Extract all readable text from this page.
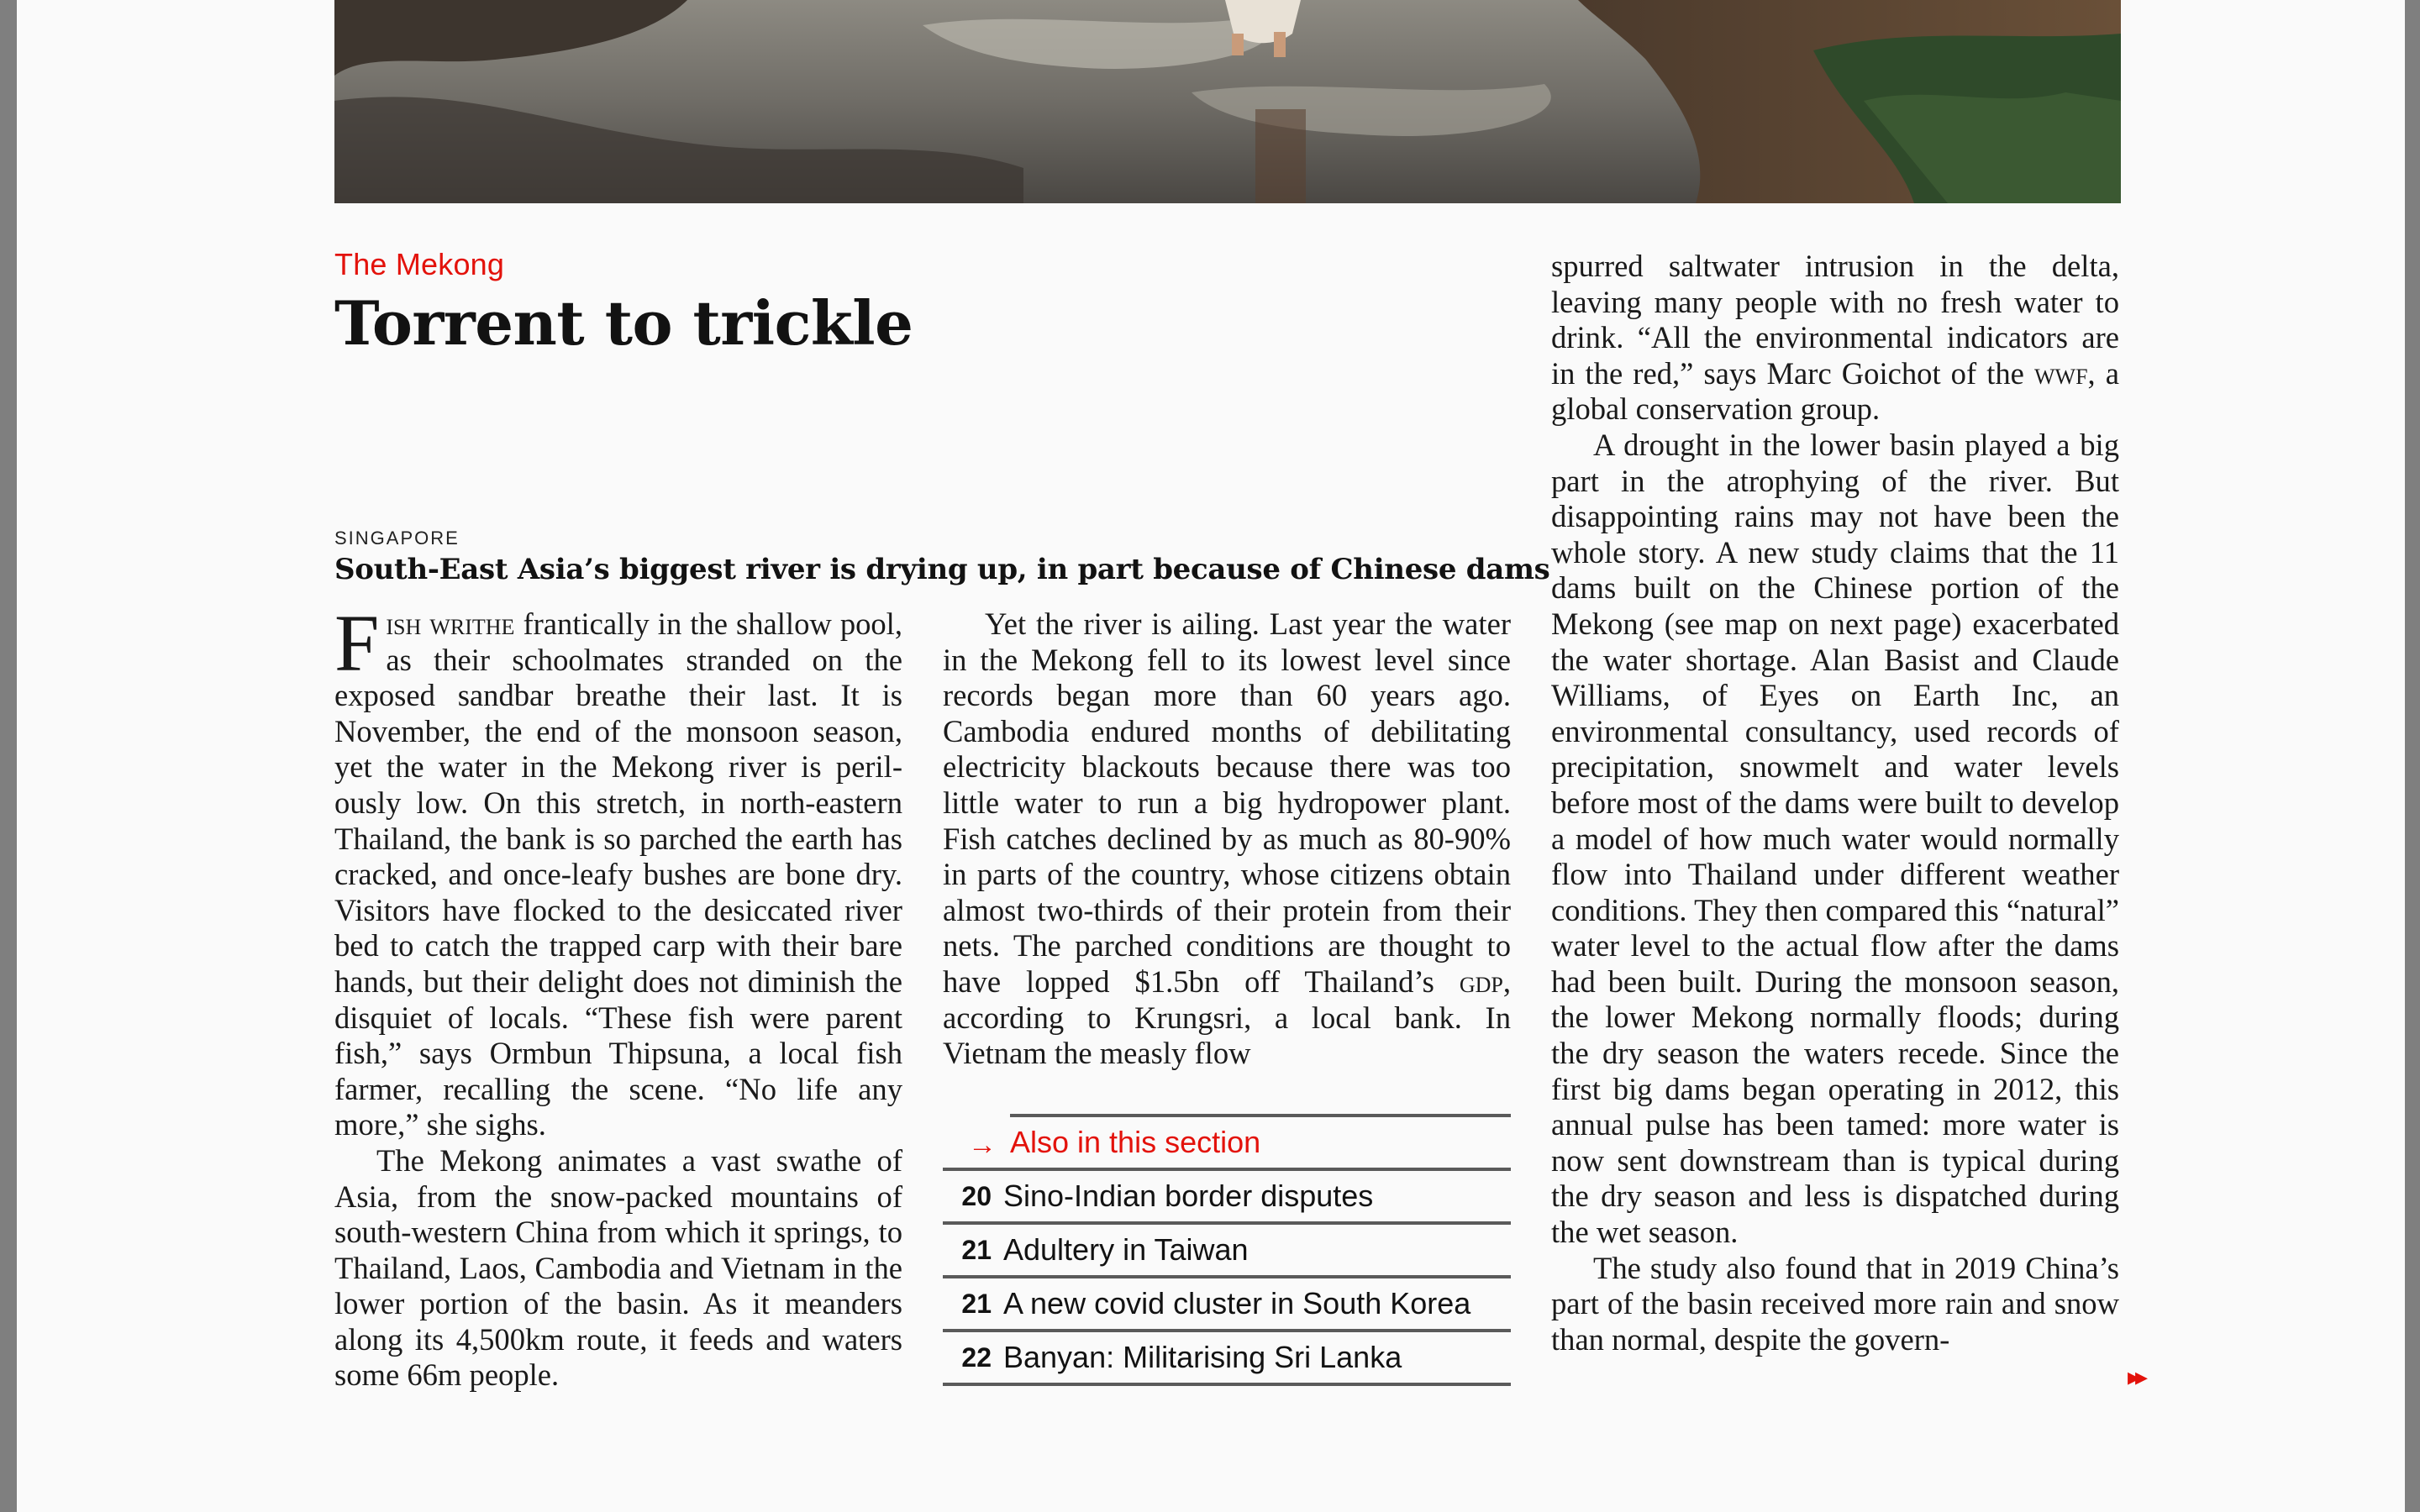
The Mekong
Torrent to trickle
SINGAPORE
South-East Asia’s biggest river is drying up, in part because of Chinese dams

Fish writhe frantically in the shallow pool, as their schoolmates stranded on the exposed sandbar breathe their last. It is November, the end of the monsoon season, yet the water in the Mekong river is perilously low. On this stretch, in north-eastern Thailand, the bank is so parched the earth has cracked, and once-leafy bushes are bone dry. Visitors have flocked to the desiccated river bed to catch the trapped carp with their bare hands, but their delight does not diminish the disquiet of locals. “These fish were parent fish,” says Ormbun Thipsuna, a local fish farmer, recalling the scene. “No life any more,” she sighs.

The Mekong animates a vast swathe of Asia, from the snow-packed mountains of south-western China from which it springs, to Thailand, Laos, Cambodia and Vietnam in the lower portion of the basin. As it meanders along its 4,500km route, it feeds and waters some 66m people.

Yet the river is ailing. Last year the water in the Mekong fell to its lowest level since records began more than 60 years ago. Cambodia endured months of debilitating electricity blackouts because there was too little water to run a big hydropower plant. Fish catches declined by as much as 80-90% in parts of the country, whose citizens obtain almost two-thirds of their protein from their nets. The parched conditions are thought to have lopped $1.5bn off Thailand’s gdp, according to Krungsri, a local bank. In Vietnam the measly flow

→ Also in this section
20 Sino-Indian border disputes
21 Adultery in Taiwan
21 A new covid cluster in South Korea
22 Banyan: Militarising Sri Lanka

spurred saltwater intrusion in the delta, leaving many people with no fresh water to drink. “All the environmental indicators are in the red,” says Marc Goichot of the wwf, a global conservation group.

A drought in the lower basin played a big part in the atrophying of the river. But disappointing rains may not have been the whole story. A new study claims that the 11 dams built on the Chinese portion of the Mekong (see map on next page) exacerbated the water shortage. Alan Basist and Claude Williams, of Eyes on Earth Inc, an environmental consultancy, used records of precipitation, snowmelt and water levels before most of the dams were built to develop a model of how much water would normally flow into Thailand under different weather conditions. They then compared this “natural” water level to the actual flow after the dams had been built. During the monsoon season, the lower Mekong normally floods; during the dry season the waters recede. Since the first big dams began operating in 2012, this annual pulse has been tamed: more water is now sent downstream than is typical during the dry season and less is dispatched during the wet season.

The study also found that in 2019 China’s part of the basin received more rain and snow than normal, despite the govern-

▸▸
